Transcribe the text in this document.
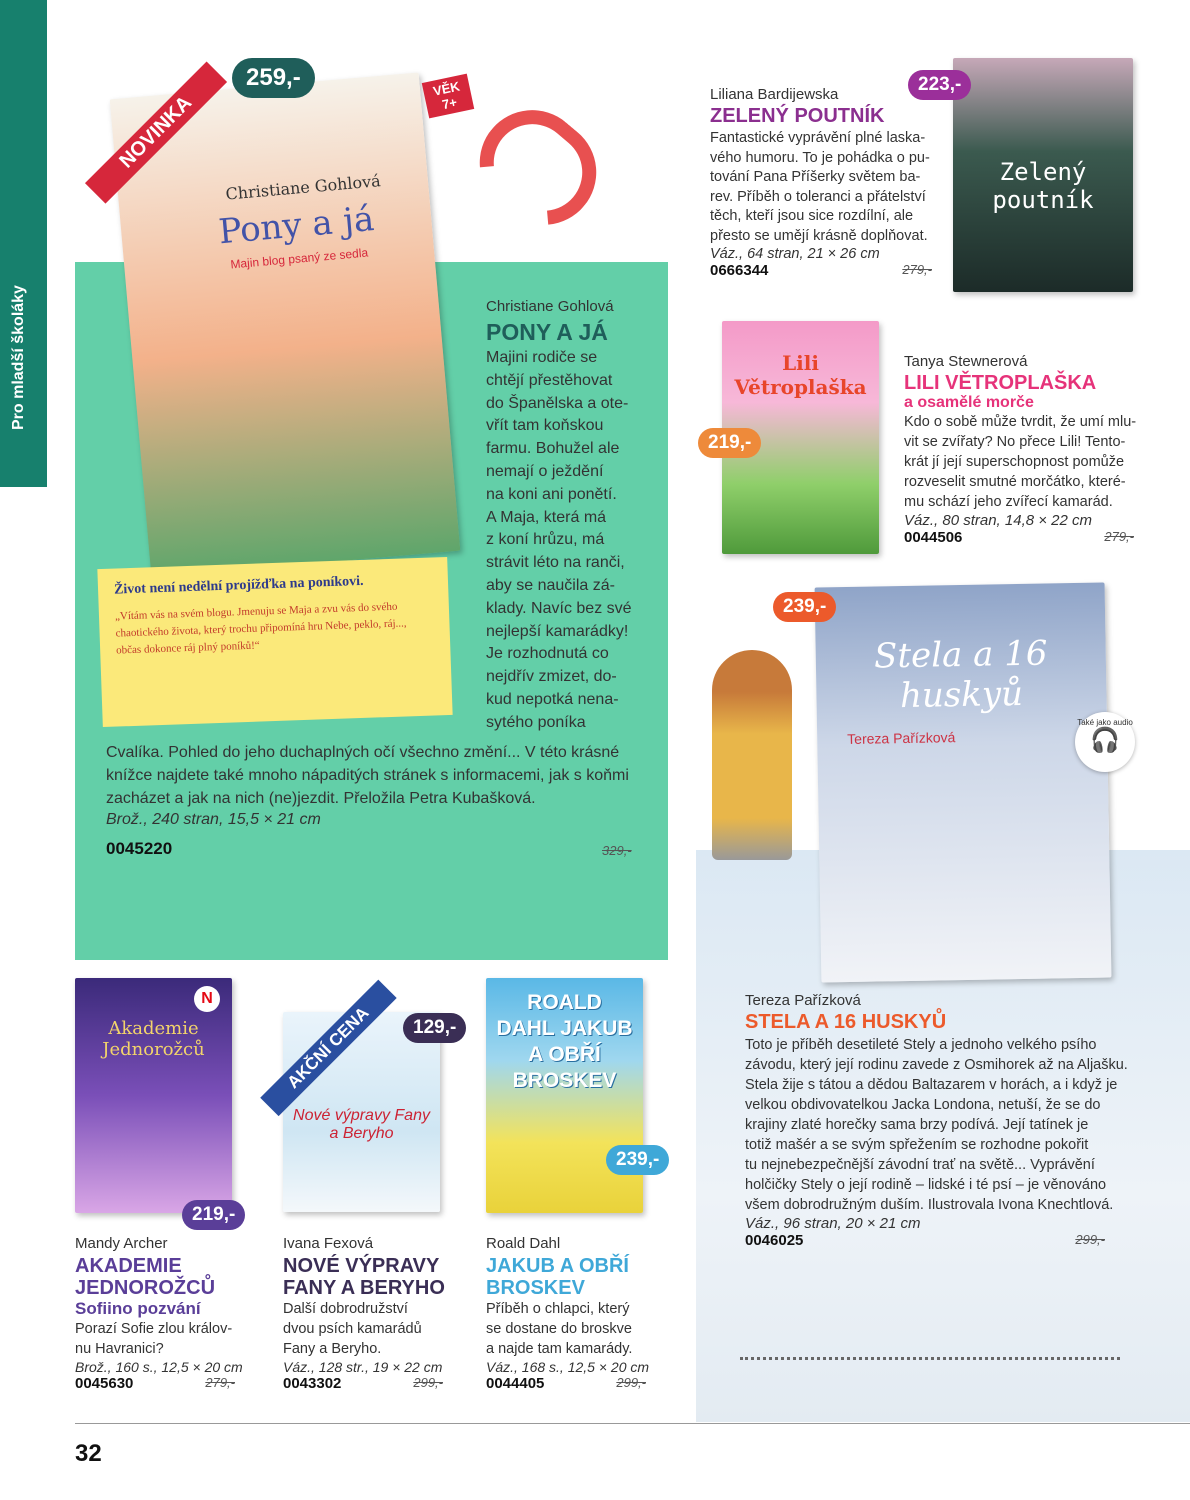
Pro mladší školáky
Christiane Gohlová
Pony a já
Majin blog psaný ze sedla
NOVINKA
259,-	VĚK 7+
Život není nedělní projížďka na poníkovi.
„Vítám vás na svém blogu. Jmenuju se Maja a zvu vás do svého chaotického života, který trochu připomíná hru Nebe, peklo, ráj..., občas dokonce ráj plný poníků!“
Christiane Gohlová
PONY A JÁ
Majini rodiče se
chtějí přestěhovat
do Španělska a ote-
vřít tam koňskou
farmu. Bohužel ale
nemají o ježdění
na koni ani ponětí.
A Maja, která má
z koní hrůzu, má
strávit léto na ranči,
aby se naučila zá-
klady. Navíc bez své
nejlepší kamarádky!
Je rozhodnutá co
nejdřív zmizet, do-
kud nepotká nena-
sytého poníka
Cvalíka. Pohled do jeho duchaplných očí všechno změní... V této krásné
knížce najdete také mnoho nápaditých stránek s informacemi, jak s koňmi
zacházet a jak na nich (ne)jezdit. Přeložila Petra Kubašková.
Brož., 240 stran, 15,5 × 21 cm
0045220	329,-
Liliana Bardijewska
ZELENÝ POUTNÍK
Fantastické vyprávění plné laska-
vého humoru. To je pohádka o pu-
tování Pana Příšerky světem ba-
rev. Příběh o toleranci a přátelství
těch, kteří jsou sice rozdílní, ale
přesto se umějí krásně doplňovat.
Váz., 64 stran, 21 × 26 cm
0666344	279,-
Zelený poutník
223,-
Lili Větroplaška
219,-
Tanya Stewnerová
LILI VĚTROPLAŠKA
a osamělé morče
Kdo o sobě může tvrdit, že umí mlu-
vit se zvířaty? No přece Lili! Tento-
krát jí její superschopnost pomůže
rozveselit smutné morčátko, které-
mu schází jeho zvířecí kamarád.
Váz., 80 stran, 14,8 × 22 cm
0044506	279,-
Stela a 16 huskyů
Tereza Pařízková
239,-
Také jako audio
🎧
Tereza Pařízková
STELA A 16 HUSKYŮ
Toto je příběh desetileté Stely a jednoho velkého psího
závodu, který její rodinu zavede z Osmihorek až na Aljašku.
Stela žije s tátou a dědou Baltazarem v horách, a i když je
velkou obdivovatelkou Jacka Londona, netuší, že se do
krajiny zlaté horečky sama brzy podívá. Její tatínek je
totiž mašér a se svým spřežením se rozhodne pokořit
tu nejnebezpečnější závodní trať na světě... Vyprávění
holčičky Stely o její rodině – lidské i té psí – je věnováno
všem dobrodružným duším. Ilustrovala Ivona Knechtlová.
Váz., 96 stran, 20 × 21 cm
0046025	299,-
Akademie Jednorožců
N
219,-
Nové výpravy Fany a Beryho
AKČNÍ CENA	129,-
ROALD DAHL JAKUB A OBŘÍ BROSKEV
239,-
Mandy Archer
AKADEMIE
JEDNOROŽCŮ
Sofiino pozvání
Porazí Sofie zlou králov-
nu Havranici?
Brož., 160 s., 12,5 × 20 cm
0045630	279,-
Ivana Fexová
NOVÉ VÝPRAVY
FANY A BERYHO
Další dobrodružství
dvou psích kamarádů
Fany a Beryho.
Váz., 128 str., 19 × 22 cm
0043302	299,-
Roald Dahl
JAKUB A OBŘÍ
BROSKEV
Příběh o chlapci, který
se dostane do broskve
a najde tam kamarády.
Váz., 168 s., 12,5 × 20 cm
0044405	299,-
32
